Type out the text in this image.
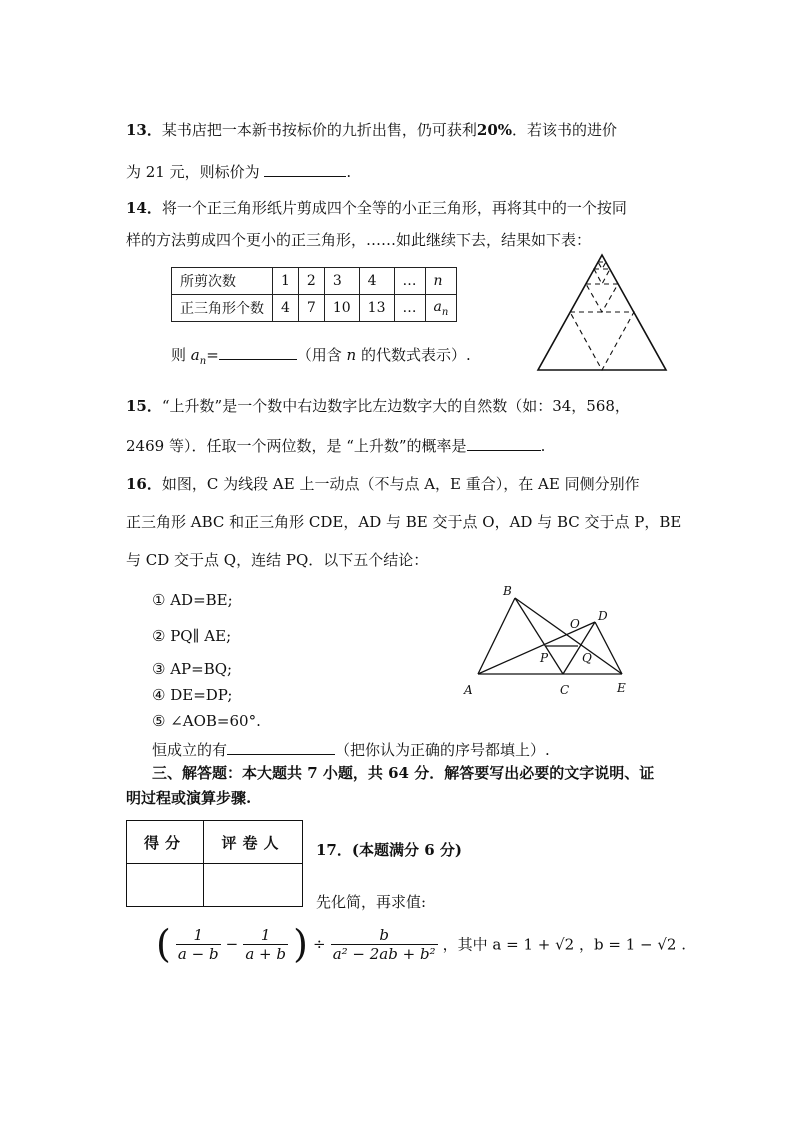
13．某书店把一本新书按标价的九折出售，仍可获利20%．若该书的进价
为 21 元，则标价为	.
14．将一个正三角形纸片剪成四个全等的小正三角形，再将其中的一个按同
样的方法剪成四个更小的正三角形，……如此继续下去，结果如下表：
所剪次数	1	2	3	4	…	n
正三角形个数	4	7	10	13	…	$a_n$
则 $a_n=$	（用含 n 的代数式表示）.
15．“上升数”是一个数中右边数字比左边数字大的自然数（如：34，568，
2469 等）．任取一个两位数，是 “上升数”的概率是	.
16．如图，C 为线段 AE 上一动点（不与点 A，E 重合），在 AE 同侧分别作
正三角形 ABC 和正三角形 CDE，AD 与 BE 交于点 O，AD 与 BC 交于点 P，BE
与 CD 交于点 Q，连结 PQ．以下五个结论：
① AD=BE;
② PQ∥ AE;
③ AP=BQ;
④ DE=DP;
⑤ ∠AOB=60°.
A
B
C
D
E
O
P	Q
恒成立的有	（把你认为正确的序号都填上）.
三、解答题：本大题共 7 小题，共 64 分．解答要写出必要的文字说明、证
明过程或演算步骤.
得分	评卷人
	17．(本题满分 6 分)
先化简，再求值:
( $\frac{1}{a - b} - \frac{1}{a + b}$ ) ÷ $\frac{b}{\text{a² − 2ab + b²}}$ ，其中 a = 1 + √2 ，b = 1 − √2 .
